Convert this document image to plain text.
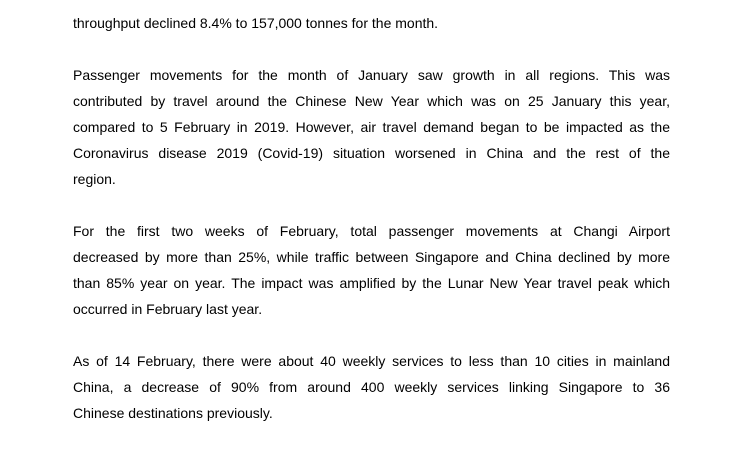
throughput declined 8.4% to 157,000 tonnes for the month.

Passenger movements for the month of January saw growth in all regions. This was
contributed by travel around the Chinese New Year which was on 25 January this year,
compared to 5 February in 2019. However, air travel demand began to be impacted as the
Coronavirus disease 2019 (Covid-19) situation worsened in China and the rest of the
region.

For the first two weeks of February, total passenger movements at Changi Airport
decreased by more than 25%, while traffic between Singapore and China declined by more
than 85% year on year. The impact was amplified by the Lunar New Year travel peak which
occurred in February last year.

As of 14 February, there were about 40 weekly services to less than 10 cities in mainland
China, a decrease of 90% from around 400 weekly services linking Singapore to 36
Chinese destinations previously.
